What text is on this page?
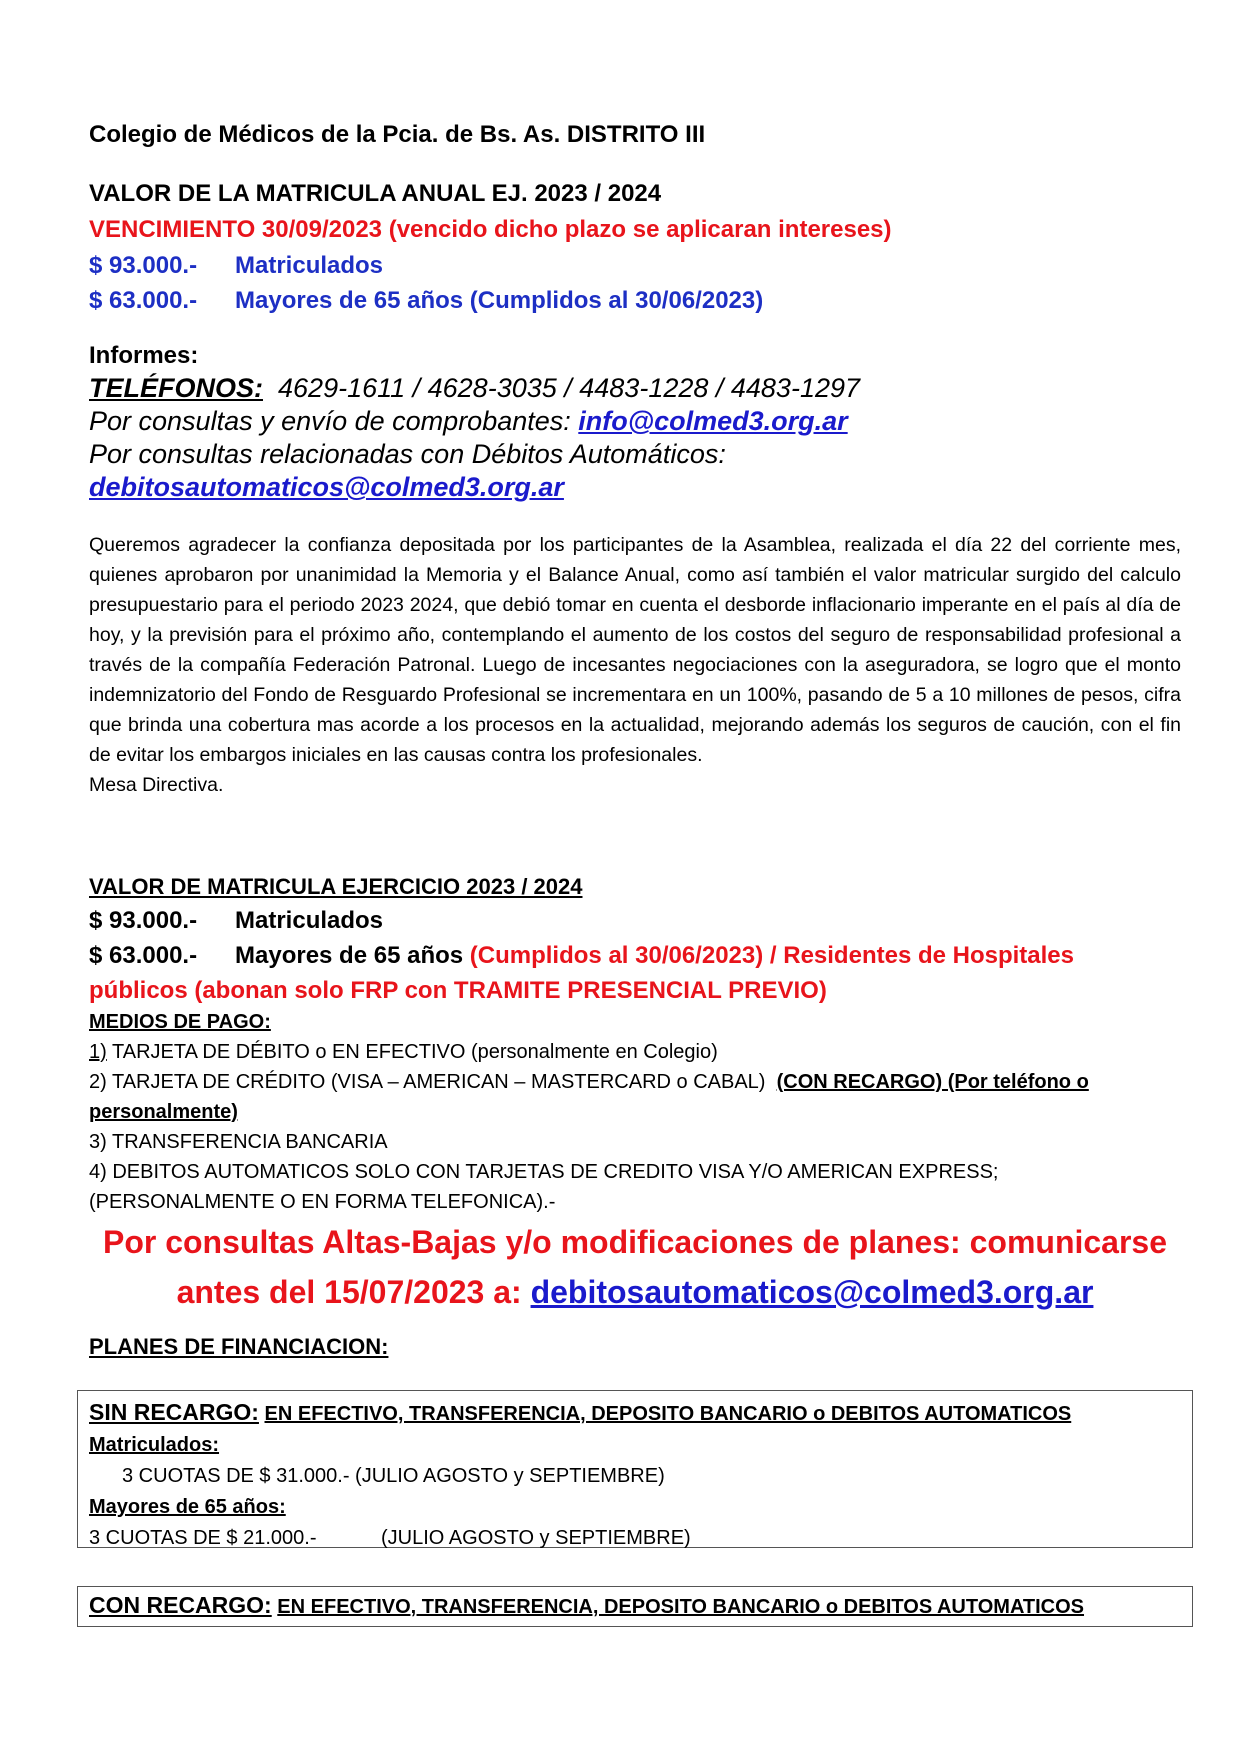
Colegio de Médicos de la Pcia. de Bs. As. DISTRITO III
VALOR DE LA MATRICULA ANUAL EJ. 2023 / 2024
VENCIMIENTO 30/09/2023 (vencido dicho plazo se aplicaran intereses)
$ 93.000.- Matriculados
$ 63.000.- Mayores de 65 años (Cumplidos al 30/06/2023)
Informes:
TELÉFONOS: 4629-1611 / 4628-3035 / 4483-1228 / 4483-1297
Por consultas y envío de comprobantes: info@colmed3.org.ar
Por consultas relacionadas con Débitos Automáticos:
debitosautomaticos@colmed3.org.ar
Queremos agradecer la confianza depositada por los participantes de la Asamblea, realizada el día 22 del corriente mes, quienes aprobaron por unanimidad la Memoria y el Balance Anual, como así también el valor matricular surgido del calculo presupuestario para el periodo 2023 2024, que debió tomar en cuenta el desborde inflacionario imperante en el país al día de hoy, y la previsión para el próximo año, contemplando el aumento de los costos del seguro de responsabilidad profesional a través de la compañía Federación Patronal. Luego de incesantes negociaciones con la aseguradora, se logro que el monto indemnizatorio del Fondo de Resguardo Profesional se incrementara en un 100%, pasando de 5 a 10 millones de pesos, cifra que brinda una cobertura mas acorde a los procesos en la actualidad, mejorando además los seguros de caución, con el fin de evitar los embargos iniciales en las causas contra los profesionales.
Mesa Directiva.
VALOR DE MATRICULA EJERCICIO 2023 / 2024
$ 93.000.- Matriculados
$ 63.000.- Mayores de 65 años (Cumplidos al 30/06/2023) / Residentes de Hospitales
públicos (abonan solo FRP con TRAMITE PRESENCIAL PREVIO)
MEDIOS DE PAGO:
1) TARJETA DE DÉBITO o EN EFECTIVO (personalmente en Colegio)
2) TARJETA DE CRÉDITO (VISA – AMERICAN – MASTERCARD o CABAL) (CON RECARGO) (Por teléfono o
personalmente)
3) TRANSFERENCIA BANCARIA
4) DEBITOS AUTOMATICOS SOLO CON TARJETAS DE CREDITO VISA Y/O AMERICAN EXPRESS;
(PERSONALMENTE O EN FORMA TELEFONICA).-
Por consultas Altas-Bajas y/o modificaciones de planes: comunicarse
antes del 15/07/2023 a: debitosautomaticos@colmed3.org.ar
PLANES DE FINANCIACION:
SIN RECARGO: EN EFECTIVO, TRANSFERENCIA, DEPOSITO BANCARIO o DEBITOS AUTOMATICOS
Matriculados:
3 CUOTAS DE $ 31.000.- (JULIO AGOSTO y SEPTIEMBRE)
Mayores de 65 años:
3 CUOTAS DE $ 21.000.-	(JULIO AGOSTO y SEPTIEMBRE)
CON RECARGO: EN EFECTIVO, TRANSFERENCIA, DEPOSITO BANCARIO o DEBITOS AUTOMATICOS
